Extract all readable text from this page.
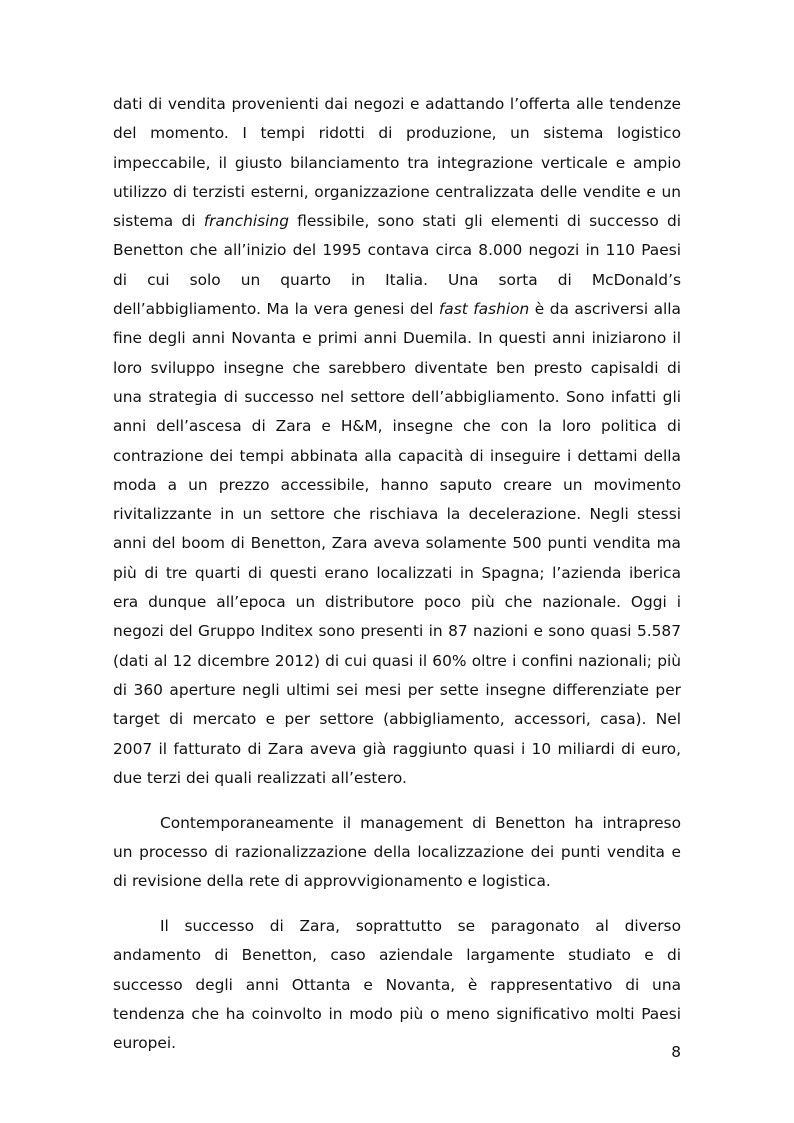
dati di vendita provenienti dai negozi e adattando l’offerta alle tendenze del momento. I tempi ridotti di produzione, un sistema logistico impeccabile, il giusto bilanciamento tra integrazione verticale e ampio utilizzo di terzisti esterni, organizzazione centralizzata delle vendite e un sistema di franchising flessibile, sono stati gli elementi di successo di Benetton che all’inizio del 1995 contava circa 8.000 negozi in 110 Paesi di cui solo un quarto in Italia. Una sorta di McDonald’s dell’abbigliamento. Ma la vera genesi del fast fashion è da ascriversi alla fine degli anni Novanta e primi anni Duemila. In questi anni iniziarono il loro sviluppo insegne che sarebbero diventate ben presto capisaldi di una strategia di successo nel settore dell’abbigliamento. Sono infatti gli anni dell’ascesa di Zara e H&M, insegne che con la loro politica di contrazione dei tempi abbinata alla capacità di inseguire i dettami della moda a un prezzo accessibile, hanno saputo creare un movimento rivitalizzante in un settore che rischiava la decelerazione. Negli stessi anni del boom di Benetton, Zara aveva solamente 500 punti vendita ma più di tre quarti di questi erano localizzati in Spagna; l’azienda iberica era dunque all’epoca un distributore poco più che nazionale. Oggi i negozi del Gruppo Inditex sono presenti in 87 nazioni e sono quasi 5.587 (dati al 12 dicembre 2012) di cui quasi il 60% oltre i confini nazionali; più di 360 aperture negli ultimi sei mesi per sette insegne differenziate per target di mercato e per settore (abbigliamento, accessori, casa). Nel 2007 il fatturato di Zara aveva già raggiunto quasi i 10 miliardi di euro, due terzi dei quali realizzati all’estero.

Contemporaneamente il management di Benetton ha intrapreso un processo di razionalizzazione della localizzazione dei punti vendita e di revisione della rete di approvvigionamento e logistica.

Il successo di Zara, soprattutto se paragonato al diverso andamento di Benetton, caso aziendale largamente studiato e di successo degli anni Ottanta e Novanta, è rappresentativo di una tendenza che ha coinvolto in modo più o meno significativo molti Paesi europei.	8
